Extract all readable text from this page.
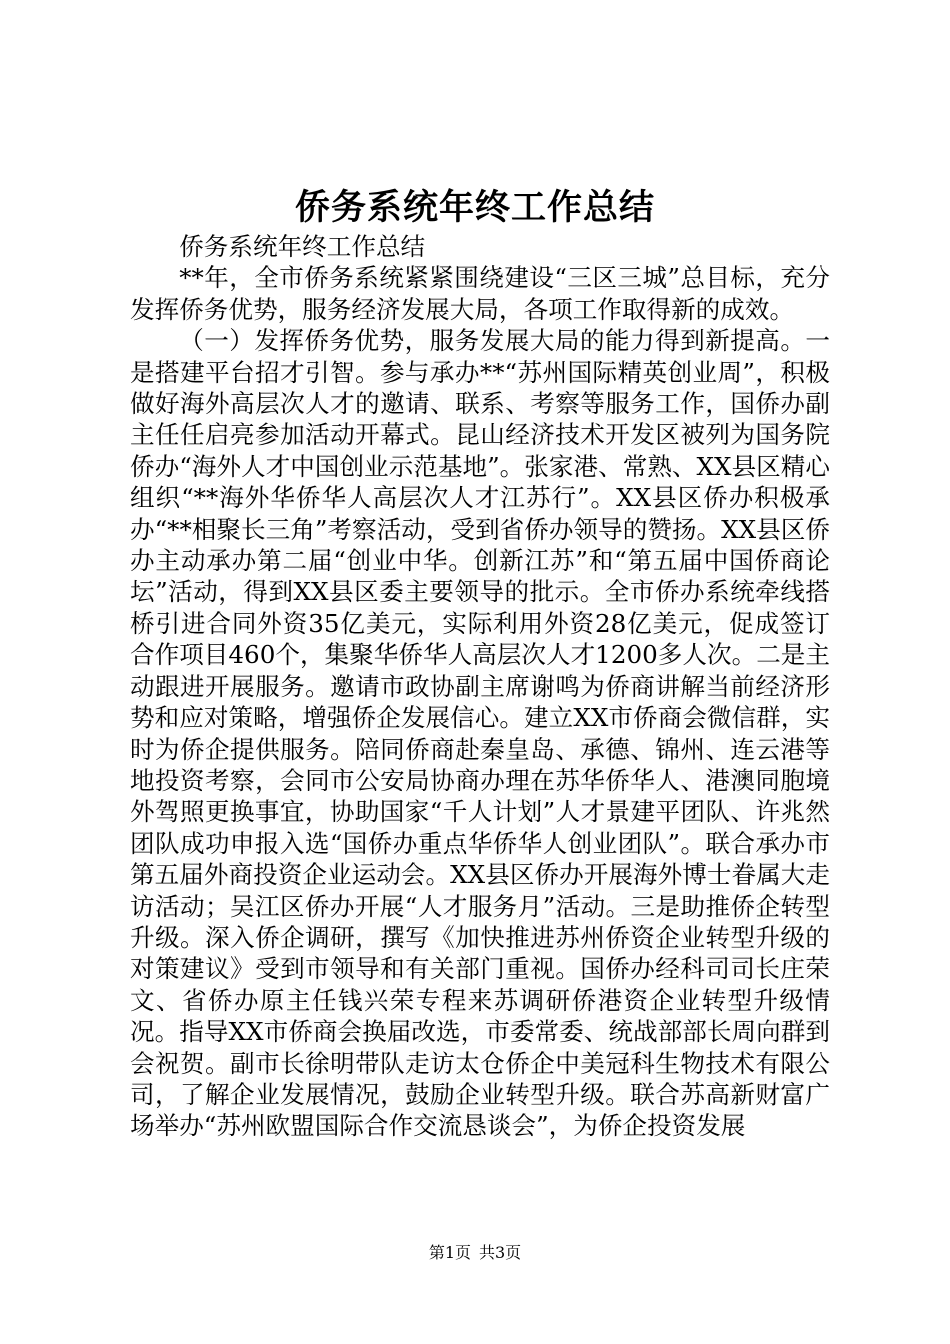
侨务系统年终工作总结

侨务系统年终工作总结

**年，全市侨务系统紧紧围绕建设“三区三城”总目标，充分发挥侨务优势，服务经济发展大局，各项工作取得新的成效。

（一）发挥侨务优势，服务发展大局的能力得到新提高。一是搭建平台招才引智。参与承办**“苏州国际精英创业周”，积极做好海外高层次人才的邀请、联系、考察等服务工作，国侨办副主任任启亮参加活动开幕式。昆山经济技术开发区被列为国务院侨办“海外人才中国创业示范基地”。张家港、常熟、XX县区精心组织“**海外华侨华人高层次人才江苏行”。XX县区侨办积极承办“**相聚长三角”考察活动，受到省侨办领导的赞扬。XX县区侨办主动承办第二届“创业中华。创新江苏”和“第五届中国侨商论坛”活动，得到XX县区委主要领导的批示。全市侨办系统牵线搭桥引进合同外资35亿美元，实际利用外资28亿美元，促成签订合作项目460个，集聚华侨华人高层次人才1200多人次。二是主动跟进开展服务。邀请市政协副主席谢鸣为侨商讲解当前经济形势和应对策略，增强侨企发展信心。建立XX市侨商会微信群，实时为侨企提供服务。陪同侨商赴秦皇岛、承德、锦州、连云港等地投资考察，会同市公安局协商办理在苏华侨华人、港澳同胞境外驾照更换事宜，协助国家“千人计划”人才景建平团队、许兆然团队成功申报入选“国侨办重点华侨华人创业团队”。联合承办市第五届外商投资企业运动会。XX县区侨办开展海外博士眷属大走访活动；吴江区侨办开展“人才服务月”活动。三是助推侨企转型升级。深入侨企调研，撰写《加快推进苏州侨资企业转型升级的对策建议》受到市领导和有关部门重视。国侨办经科司司长庄荣文、省侨办原主任钱兴荣专程来苏调研侨港资企业转型升级情况。指导XX市侨商会换届改选，市委常委、统战部部长周向群到会祝贺。副市长徐明带队走访太仓侨企中美冠科生物技术有限公司，了解企业发展情况，鼓励企业转型升级。联合苏高新财富广场举办“苏州欧盟国际合作交流恳谈会”，为侨企投资发展

第1页 共3页
